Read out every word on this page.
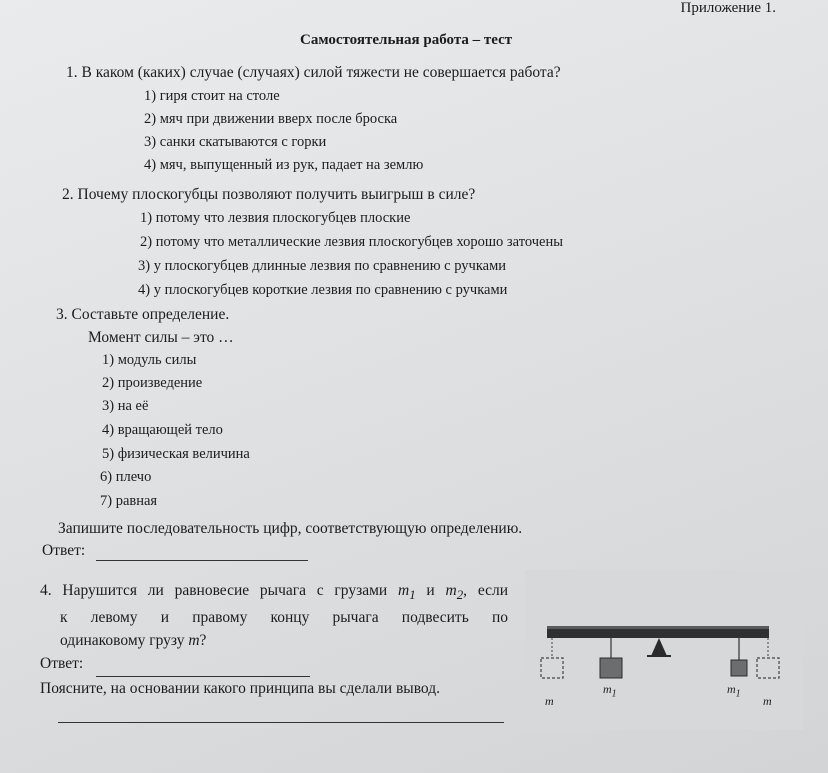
Приложение 1.
Самостоятельная работа – тест
1. В каком (каких) случае (случаях) силой тяжести не совершается работа?
1) гиря стоит на столе
2) мяч при движении вверх после броска
3) санки скатываются с горки
4) мяч, выпущенный из рук, падает на землю
2. Почему плоскогубцы позволяют получить выигрыш в силе?
1) потому что лезвия плоскогубцев плоские
2) потому что металлические лезвия плоскогубцев хорошо заточены
3) у плоскогубцев длинные лезвия по сравнению с ручками
4) у плоскогубцев короткие лезвия по сравнению с ручками
3. Составьте определение.
Момент силы – это …
1) модуль силы
2) произведение
3) на её
4) вращающей тело
5) физическая величина
6) плечо
7) равная
Запишите последовательность цифр, соответствующую определению.
Ответ:
4. Нарушится ли равновесие рычага с грузами $m_1$ и $m_2$, если
к левому и правому концу рычага подвесить по
одинаковому грузу m?
Ответ:
Поясните, на основании какого принципа вы сделали вывод.
m
$m_1$	$m_1$
m
